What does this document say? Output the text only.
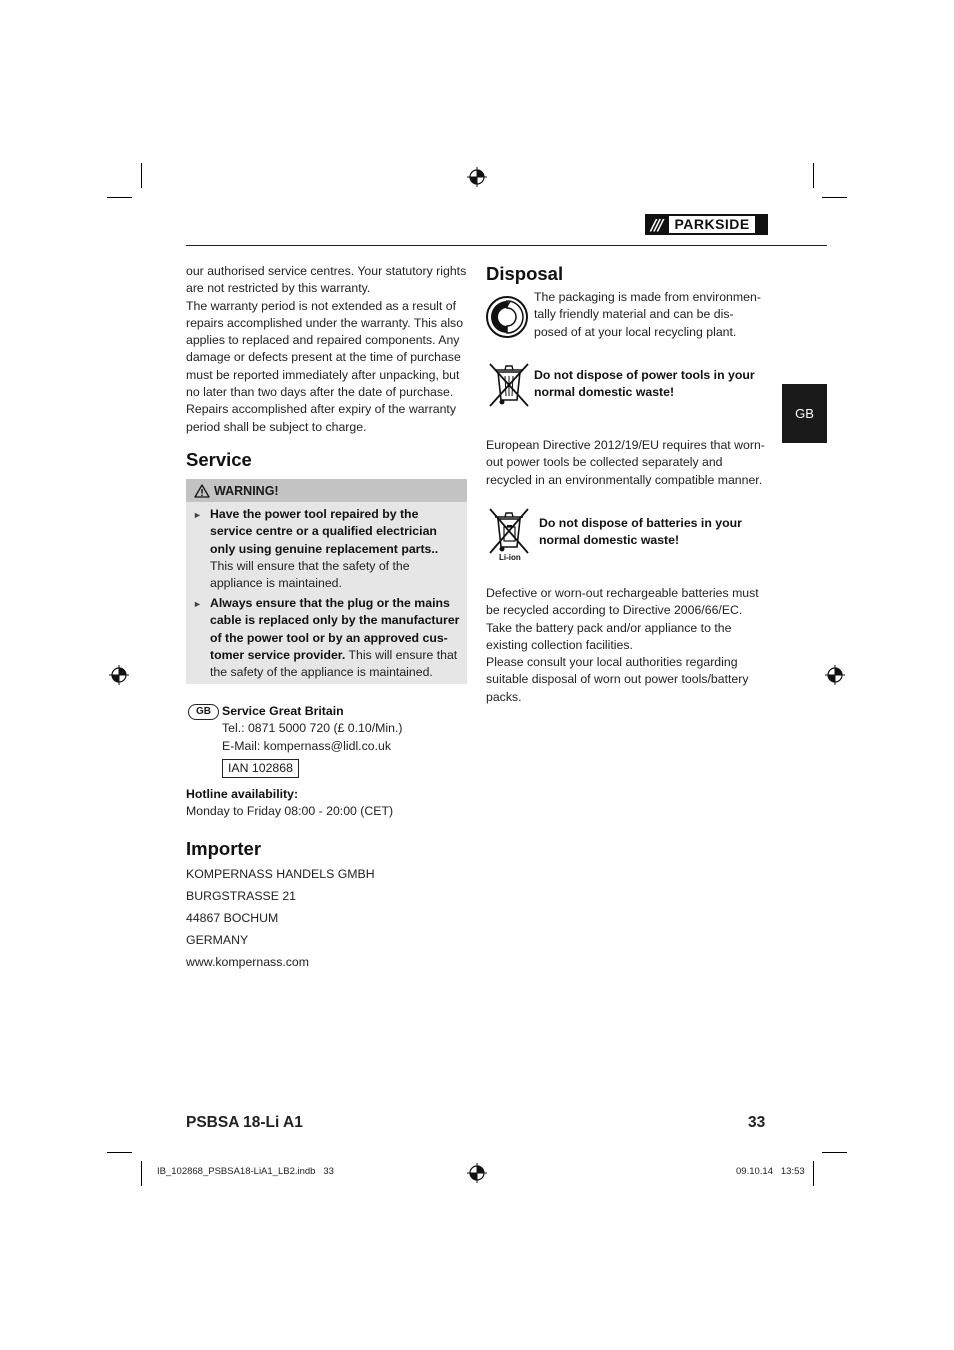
/// PARKSIDE

our authorised service centres. Your statutory rights are not restricted by this warranty.

The warranty period is not extended as a result of repairs accomplished under the warranty. This also applies to replaced and repaired components. Any damage or defects present at the time of purchase must be reported immediately after unpacking, but no later than two days after the date of purchase. Repairs accomplished after expiry of the warranty period shall be subject to charge.

Service
WARNING!
► Have the power tool repaired by the service centre or a qualified electrician only using genuine replacement parts.. This will ensure that the safety of the appliance is maintained.
► Always ensure that the plug or the mains cable is replaced only by the manufacturer of the power tool or by an approved cus-tomer service provider. This will ensure that the safety of the appliance is maintained.
GB Service Great Britain

Tel.: 0871 5000 720 (£ 0.10/Min.)

E-Mail: kompernass@lidl.co.uk

IAN 102868

Hotline availability:

Monday to Friday 08:00 - 20:00 (CET)

Importer

KOMPERNASS HANDELS GMBH

BURGSTRASSE 21

44867 BOCHUM

GERMANY

www.kompernass.com

Disposal
The packaging is made from environmen-tally friendly material and can be dis-posed of at your local recycling plant.
Do not dispose of power tools in your normal domestic waste!
European Directive 2012/19/EU requires that worn-out power tools be collected separately and recycled in an environmentally compatible manner.
Li-ion
Do not dispose of batteries in your normal domestic waste!

Defective or worn-out rechargeable batteries must be recycled according to Directive 2006/66/EC. Take the battery pack and/or appliance to the existing collection facilities.

Please consult your local authorities regarding suitable disposal of worn out power tools/battery packs.

GB
PSBSA 18-Li A1	33
IB_102868_PSBSA18-LiA1_LB2.indb   33	09.10.14   13:53
